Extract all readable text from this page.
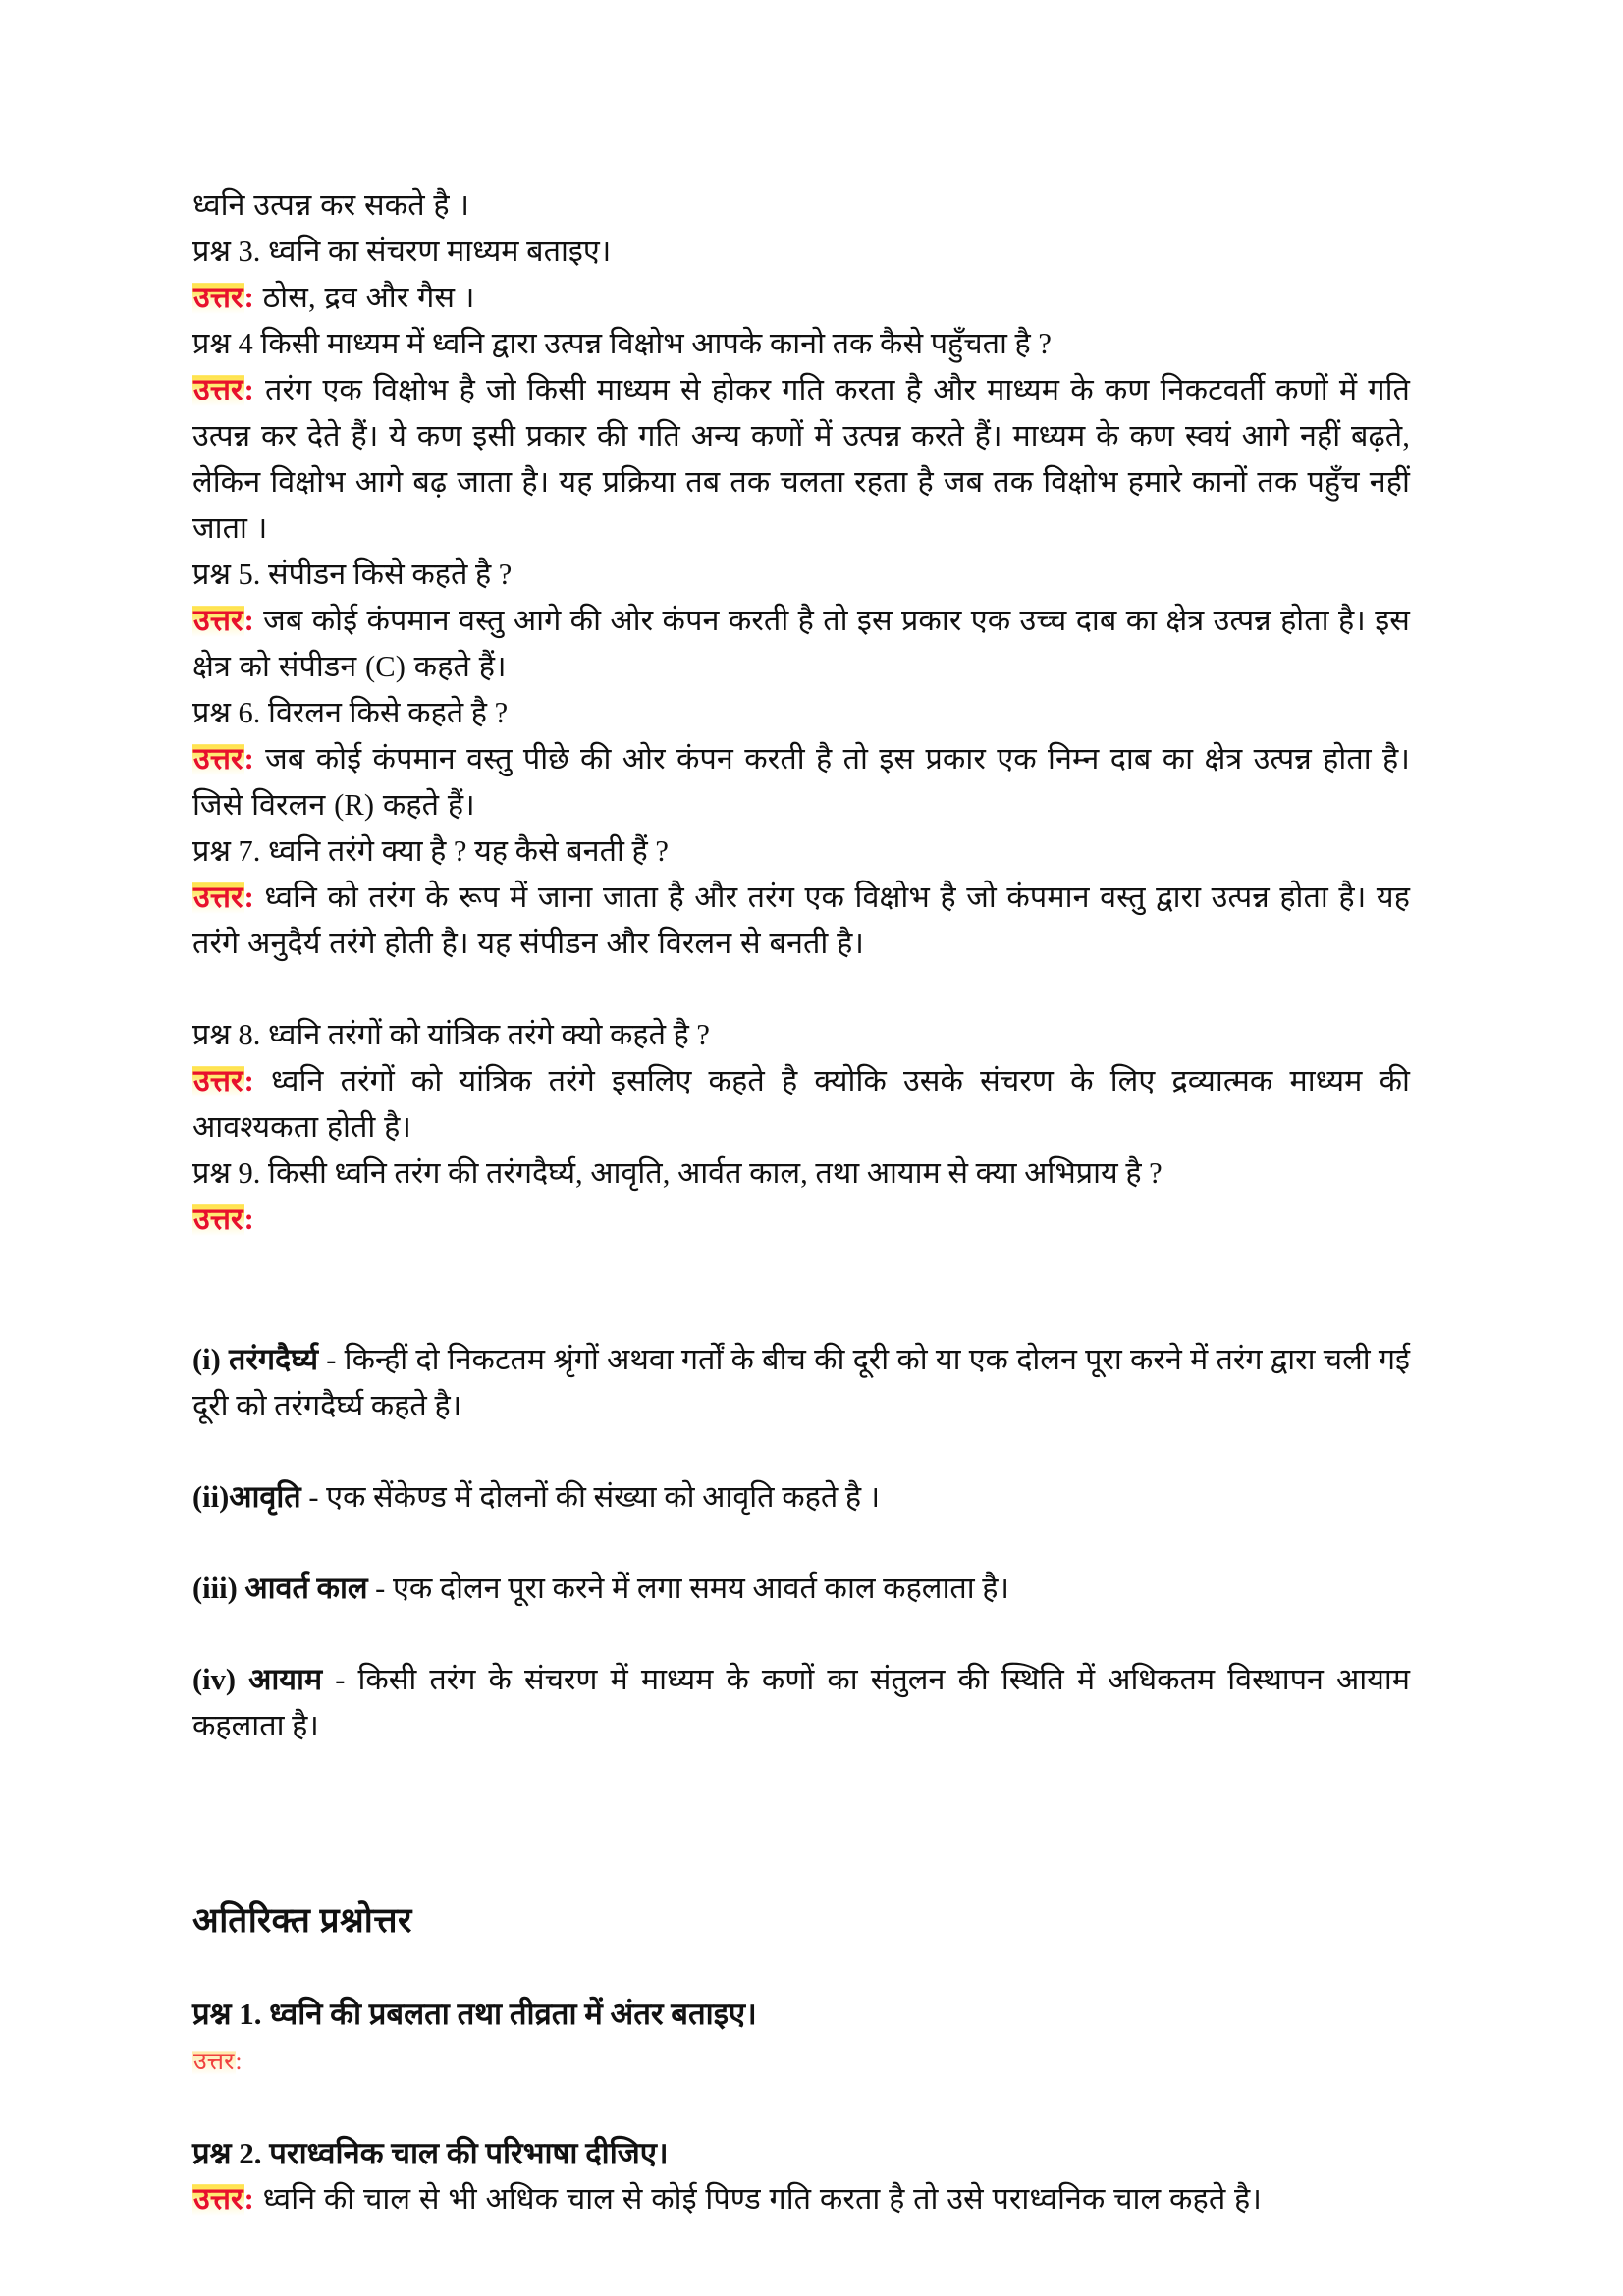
ध्वनि उत्पन्न कर सकते है ।

प्रश्न 3. ध्वनि का संचरण माध्यम बताइए।

उत्तर: ठोस, द्रव और गैस ।

प्रश्न 4 किसी माध्यम में ध्वनि द्वारा उत्पन्न विक्षोभ आपके कानो तक कैसे पहुँचता है ?

उत्तर: तरंग एक विक्षोभ है जो किसी माध्यम से होकर गति करता है और माध्यम के कण निकटवर्ती कणों में गति उत्पन्न कर देते हैं। ये कण इसी प्रकार की गति अन्य कणों में उत्पन्न करते हैं। माध्यम के कण स्वयं आगे नहीं बढ़ते, लेकिन विक्षोभ आगे बढ़ जाता है। यह प्रक्रिया तब तक चलता रहता है जब तक विक्षोभ हमारे कानों तक पहुँच नहीं जाता ।

प्रश्न 5. संपीडन किसे कहते है ?

उत्तर: जब कोई कंपमान वस्तु आगे की ओर कंपन करती है तो इस प्रकार एक उच्च दाब का क्षेत्र उत्पन्न होता है। इस क्षेत्र को संपीडन (C) कहते हैं।

प्रश्न 6. विरलन किसे कहते है ?

उत्तर: जब कोई कंपमान वस्तु पीछे की ओर कंपन करती है तो इस प्रकार एक निम्न दाब का क्षेत्र उत्पन्न होता है। जिसे विरलन (R) कहते हैं।

प्रश्न 7. ध्वनि तरंगे क्या है ? यह कैसे बनती हैं ?

उत्तर: ध्वनि को तरंग के रूप में जाना जाता है और तरंग एक विक्षोभ है जो कंपमान वस्तु द्वारा उत्पन्न होता है। यह तरंगे अनुदैर्य तरंगे होती है। यह संपीडन और विरलन से बनती है।

प्रश्न 8. ध्वनि तरंगों को यांत्रिक तरंगे क्यो कहते है ?

उत्तर: ध्वनि तरंगों को यांत्रिक तरंगे इसलिए कहते है क्योकि उसके संचरण के लिए द्रव्यात्मक माध्यम की आवश्यकता होती है।

प्रश्न 9. किसी ध्वनि तरंग की तरंगदैर्घ्य, आवृति, आर्वत काल, तथा आयाम से क्या अभिप्राय है ?

उत्तर:

(i) तरंगदैर्घ्य - किन्हीं दो निकटतम श्रृंगों अथवा गर्तों के बीच की दूरी को या एक दोलन पूरा करने में तरंग द्वारा चली गई दूरी को तरंगदैर्घ्य कहते है।

(ii)आवृति - एक सेंकेण्ड में दोलनों की संख्या को आवृति कहते है ।

(iii) आवर्त काल - एक दोलन पूरा करने में लगा समय आवर्त काल कहलाता है।

(iv) आयाम - किसी तरंग के संचरण में माध्यम के कणों का संतुलन की स्थिति में अधिकतम विस्थापन आयाम कहलाता है।

अतिरिक्त प्रश्नोत्तर

प्रश्न 1. ध्वनि की प्रबलता तथा तीव्रता में अंतर बताइए।

उत्तर:

प्रश्न 2. पराध्वनिक चाल की परिभाषा दीजिए।

उत्तर: ध्वनि की चाल से भी अधिक चाल से कोई पिण्ड गति करता है तो उसे पराध्वनिक चाल कहते है।
